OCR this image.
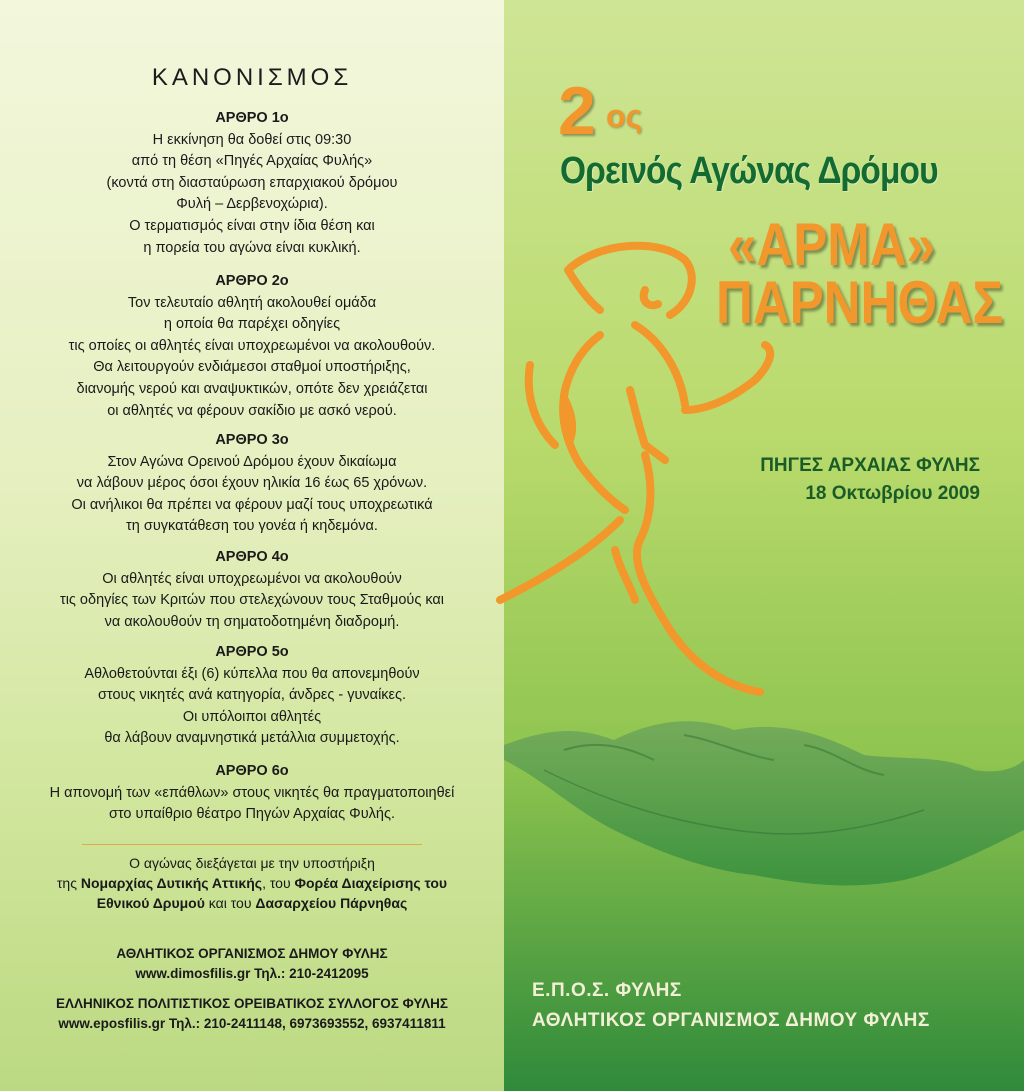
ΚΑΝΟΝΙΣΜΟΣ
ΑΡΘΡΟ 1ο
Η εκκίνηση θα δοθεί στις 09:30
από τη θέση «Πηγές Αρχαίας Φυλής»
(κοντά στη διασταύρωση επαρχιακού δρόμου
Φυλή – Δερβενοχώρια).
Ο τερματισμός είναι στην ίδια θέση και
η πορεία του αγώνα είναι κυκλική.
ΑΡΘΡΟ 2ο
Τον τελευταίο αθλητή ακολουθεί ομάδα
η οποία θα παρέχει οδηγίες
τις οποίες οι αθλητές είναι υποχρεωμένοι να ακολουθούν.
Θα λειτουργούν ενδιάμεσοι σταθμοί υποστήριξης,
διανομής νερού και αναψυκτικών, οπότε δεν χρειάζεται
οι αθλητές να φέρουν σακίδιο με ασκό νερού.
ΑΡΘΡΟ 3ο
Στον Αγώνα Ορεινού Δρόμου έχουν δικαίωμα
να λάβουν μέρος όσοι έχουν ηλικία 16 έως 65 χρόνων.
Οι ανήλικοι θα πρέπει να φέρουν μαζί τους υποχρεωτικά
τη συγκατάθεση του γονέα ή κηδεμόνα.
ΑΡΘΡΟ 4ο
Οι αθλητές είναι υποχρεωμένοι να ακολουθούν
τις οδηγίες των Κριτών που στελεχώνουν τους Σταθμούς και
να ακολουθούν τη σηματοδοτημένη διαδρομή.
ΑΡΘΡΟ 5ο
Αθλοθετούνται έξι (6) κύπελλα που θα απονεμηθούν
στους νικητές ανά κατηγορία, άνδρες - γυναίκες.
Οι υπόλοιποι αθλητές
θα λάβουν αναμνηστικά μετάλλια συμμετοχής.
ΑΡΘΡΟ 6ο
Η απονομή των «επάθλων» στους νικητές θα πραγματοποιηθεί
στο υπαίθριο θέατρο Πηγών Αρχαίας Φυλής.
Ο αγώνας διεξάγεται με την υποστήριξη
της Νομαρχίας Δυτικής Αττικής, του Φορέα Διαχείρισης του
Εθνικού Δρυμού και του Δασαρχείου Πάρνηθας
ΑΘΛΗΤΙΚΟΣ ΟΡΓΑΝΙΣΜΟΣ ΔΗΜΟΥ ΦΥΛΗΣ
www.dimosfilis.gr Τηλ.: 210-2412095
ΕΛΛΗΝΙΚΟΣ ΠΟΛΙΤΙΣΤΙΚΟΣ ΟΡΕΙΒΑΤΙΚΟΣ ΣΥΛΛΟΓΟΣ ΦΥΛΗΣ
www.eposfilis.gr Τηλ.: 210-2411148, 6973693552, 6937411811
2 ος
Ορεινός Αγώνας Δρόμου
«ΑΡΜΑ»
ΠΑΡΝΗΘΑΣ
ΠΗΓΕΣ ΑΡΧΑΙΑΣ ΦΥΛΗΣ
18 Οκτωβρίου 2009
Ε.Π.Ο.Σ. ΦΥΛΗΣ
ΑΘΛΗΤΙΚΟΣ ΟΡΓΑΝΙΣΜΟΣ ΔΗΜΟΥ ΦΥΛΗΣ
